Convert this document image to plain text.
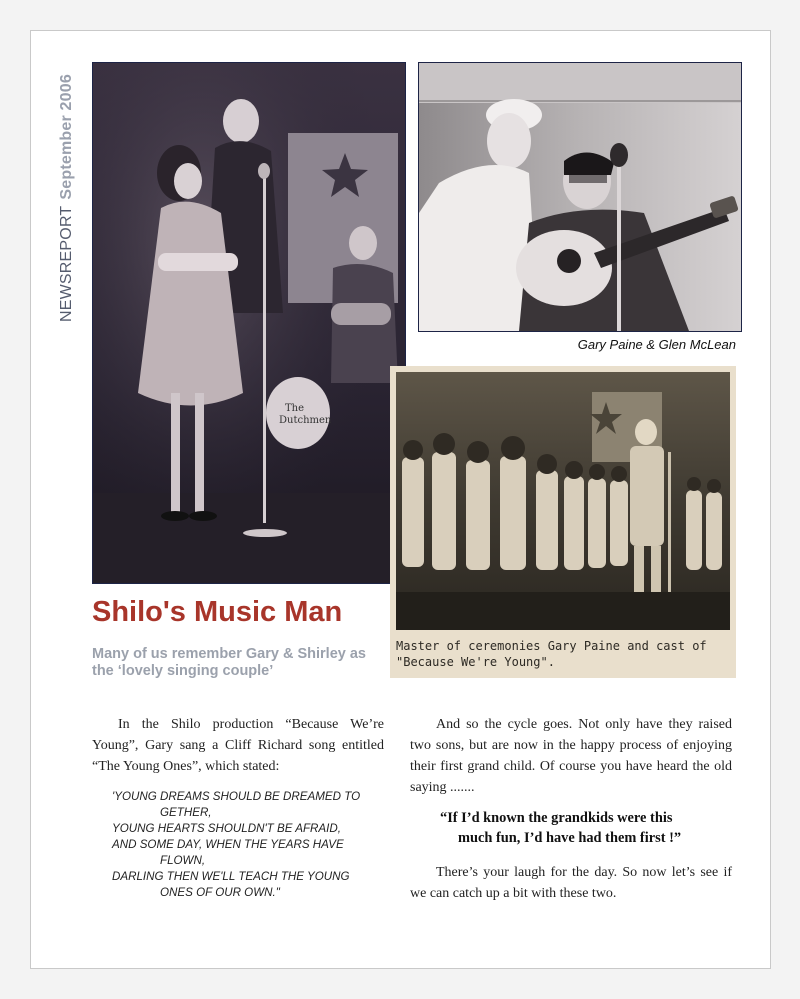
NEWSREPORTSeptember 2006
The
Dutchmen
Gary Paine & Glen McLean
Master of ceremonies Gary Paine and cast of
"Because We're Young".
Shilo's Music Man
Many of us remember Gary & Shirley as the ‘lovely singing couple’

In the Shilo production “Because We’re Young”, Gary sang a Cliff Richard song entitled “The Young Ones”, which stated:

'YOUNG DREAMS SHOULD BE DREAMED TO
GETHER,
YOUNG HEARTS SHOULDN'T BE AFRAID,
AND SOME DAY, WHEN THE YEARS HAVE
FLOWN,
DARLING THEN WE'LL TEACH THE YOUNG
ONES OF OUR OWN."

And so the cycle goes. Not only have they raised two sons, but are now in the happy process of enjoying their first grand child. Of course you have heard the old saying .......

“If I’d known the grandkids were this
much fun, I’d have had them first !”

There’s your laugh for the day. So now let’s see if we can catch up a bit with these two.
